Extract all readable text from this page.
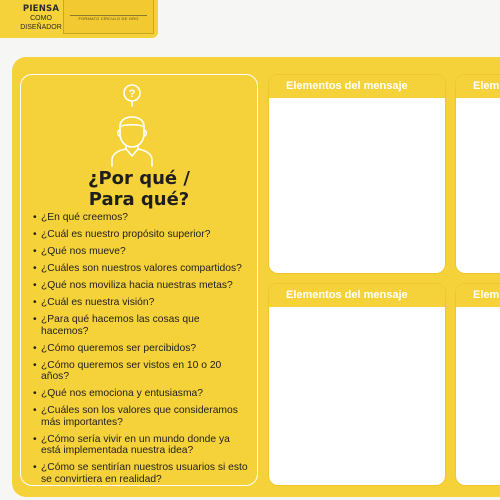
PIENSA
COMO
DISEÑADOR
FORMATO CÍRCULO DE ORO
?
¿Por qué /
Para qué?
• ¿En qué creemos?
• ¿Cuál es nuestro propósito superior?
• ¿Qué nos mueve?
• ¿Cuáles son nuestros valores compartidos?
• ¿Qué nos moviliza hacia nuestras metas?
• ¿Cuál es nuestra visión?
• ¿Para qué hacemos las cosas que hacemos?
• ¿Cómo queremos ser percibidos?
• ¿Cómo queremos ser vistos en 10 o 20 años?
• ¿Qué nos emociona y entusiasma?
• ¿Cuáles son los valores que consideramos más importantes?
• ¿Cómo sería vivir en un mundo donde ya está implementada nuestra idea?
• ¿Cómo se sentirían nuestros usuarios si esto se convirtiera en realidad?
Elementos del mensaje	Elem
Elementos del mensaje	Elem
